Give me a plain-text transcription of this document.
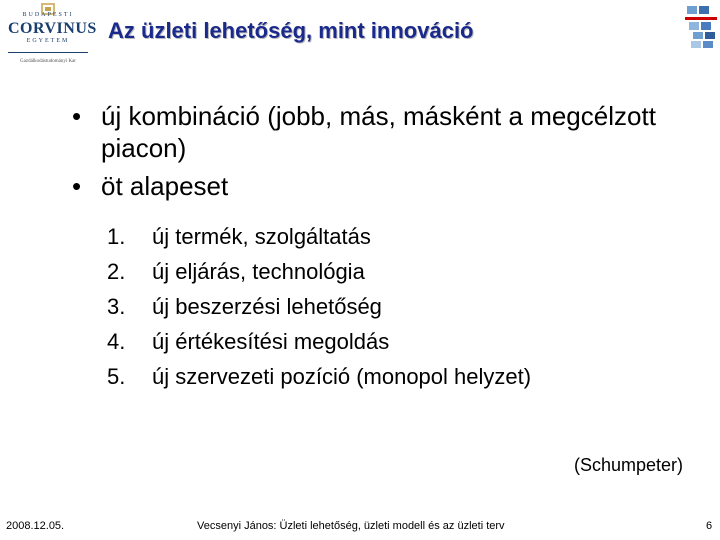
BUDAPESTI
CORVINUS
EGYETEM
Gazdálkodástudományi Kar
Az üzleti lehetőség, mint innováció
• új kombináció (jobb, más, másként a megcélzott piacon)
• öt alapeset
1.	új termék, szolgáltatás
2.	új eljárás, technológia
3.	új beszerzési lehetőség
4.	új értékesítési megoldás
5.	új szervezeti pozíció (monopol helyzet)
(Schumpeter)
2008.12.05.	Vecsenyi János: Üzleti lehetőség, üzleti modell és az üzleti terv	6
